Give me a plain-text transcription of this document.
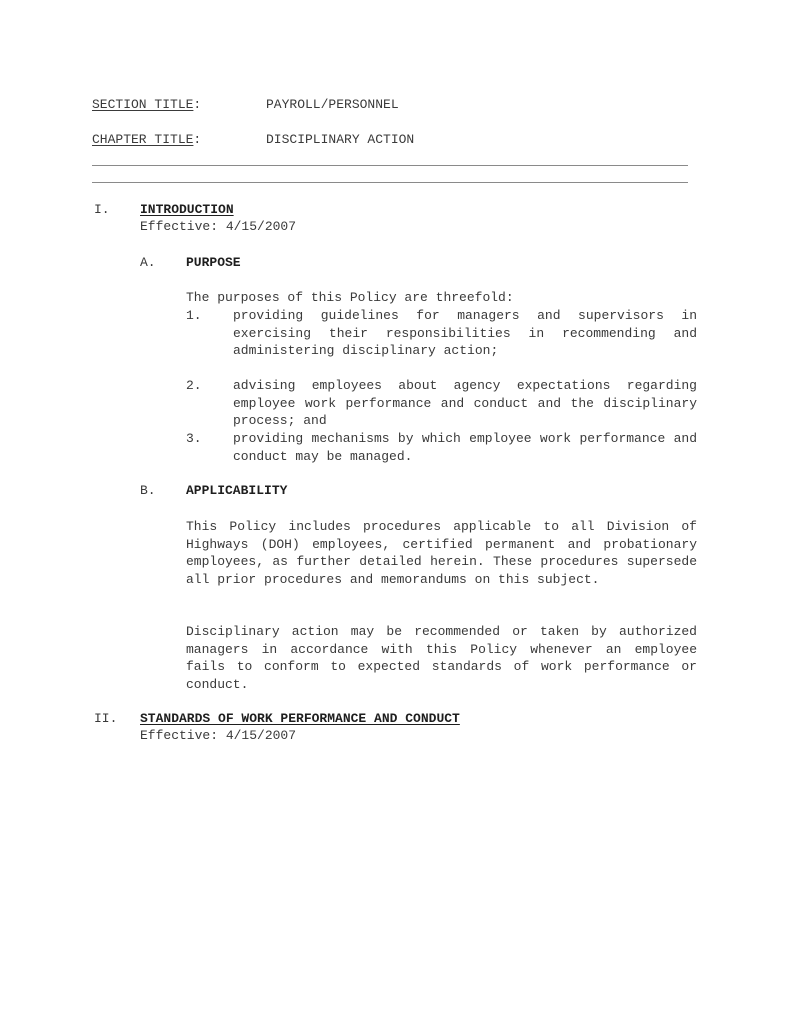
SECTION TITLE:	PAYROLL/PERSONNEL
CHAPTER TITLE:	DISCIPLINARY ACTION
I. INTRODUCTION
Effective: 4/15/2007
A. PURPOSE
The purposes of this Policy are threefold:
1. providing guidelines for managers and supervisors in exercising their responsibilities in recommending and administering disciplinary action;
2. advising employees about agency expectations regarding employee work performance and conduct and the disciplinary process; and
3. providing mechanisms by which employee work performance and conduct may be managed.
B. APPLICABILITY
This Policy includes procedures applicable to all Division of Highways (DOH) employees, certified permanent and probationary employees, as further detailed herein. These procedures supersede all prior procedures and memorandums on this subject.
Disciplinary action may be recommended or taken by authorized managers in accordance with this Policy whenever an employee fails to conform to expected standards of work performance or conduct.
II. STANDARDS OF WORK PERFORMANCE AND CONDUCT
Effective: 4/15/2007
